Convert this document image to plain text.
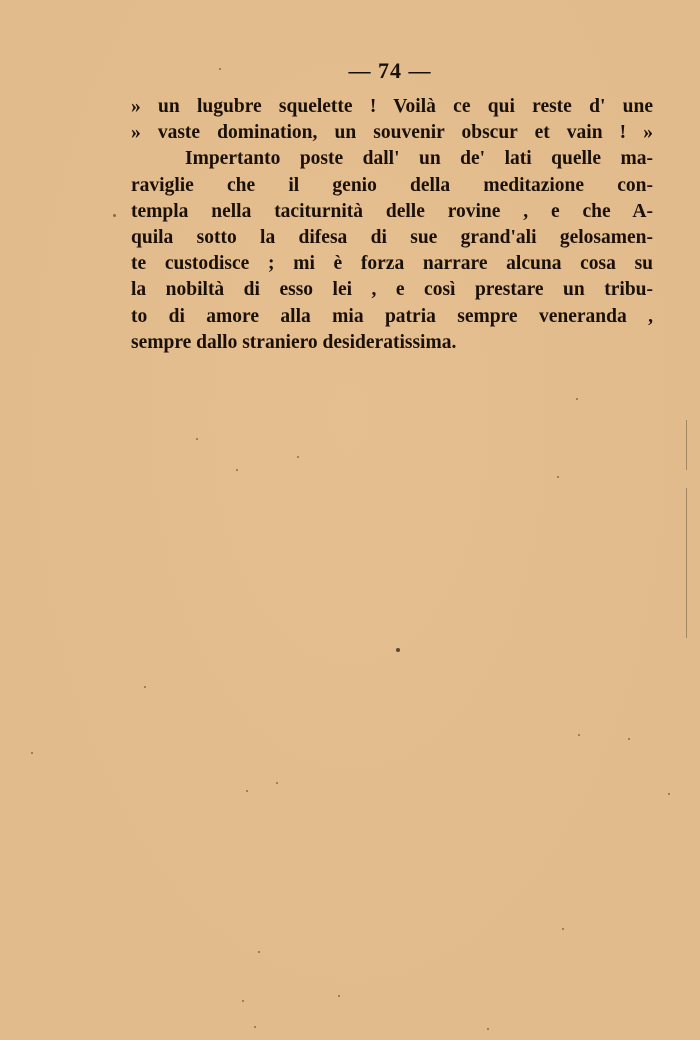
— 74 —
» un lugubre squelette ! Voilà ce qui reste d' une
» vaste domination, un souvenir obscur et vain ! »
Impertanto poste dall' un de' lati quelle ma-
raviglie che il genio della meditazione con-
templa nella taciturnità delle rovine , e che A-
quila sotto la difesa di sue grand'ali gelosamen-
te custodisce ; mi è forza narrare alcuna cosa su
la nobiltà di esso lei , e così prestare un tribu-
to di amore alla mia patria sempre veneranda ,
sempre dallo straniero desideratissima.
